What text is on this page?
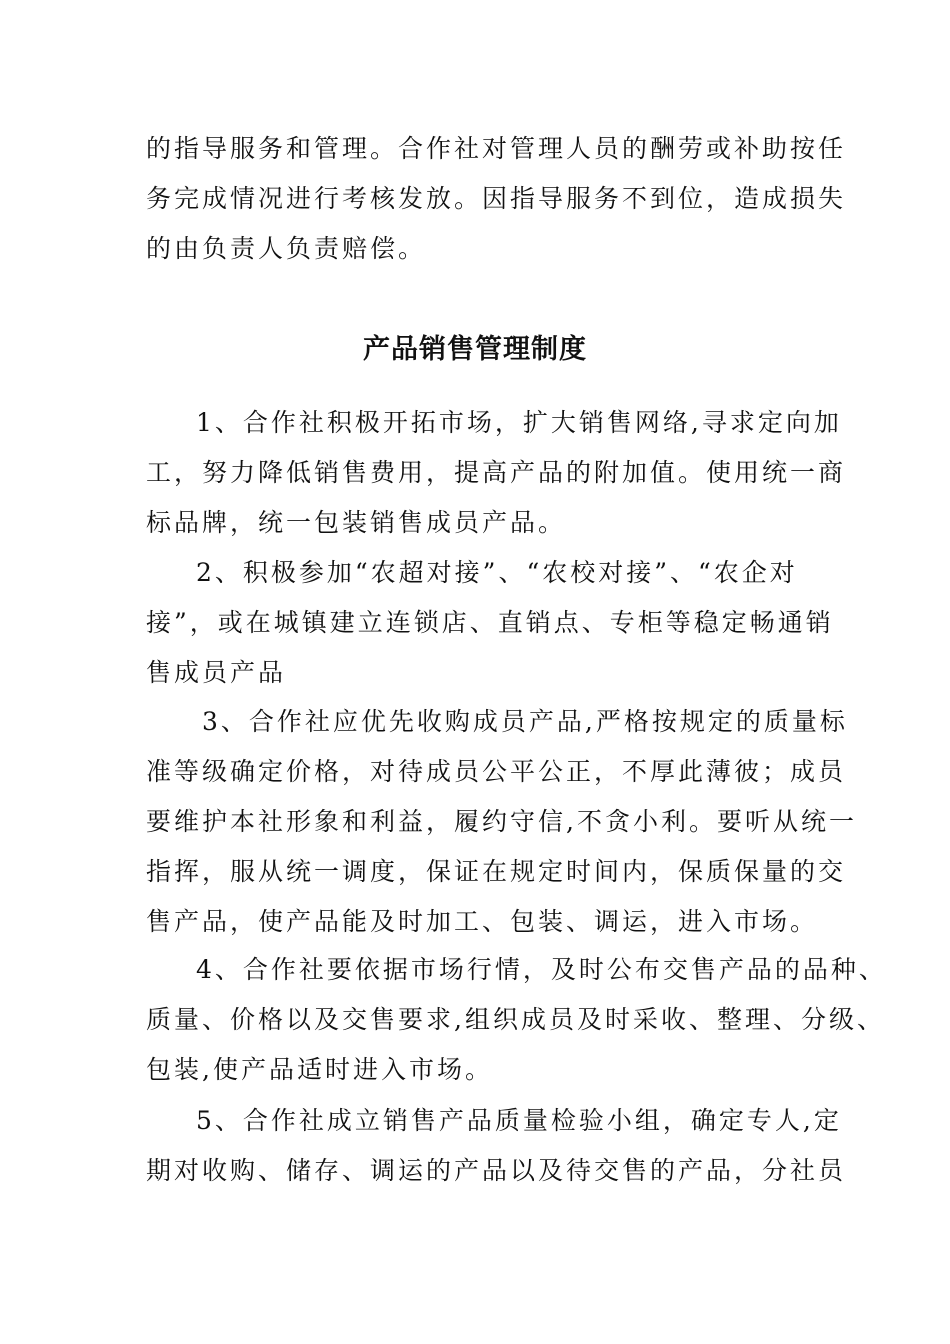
的指导服务和管理。合作社对管理人员的酬劳或补助按任
务完成情况进行考核发放。因指导服务不到位，造成损失
的由负责人负责赔偿。
产品销售管理制度
1、合作社积极开拓市场，扩大销售网络,寻求定向加
工，努力降低销售费用，提高产品的附加值。使用统一商
标品牌，统一包装销售成员产品。
2、积极参加“农超对接”、“农校对接”、“农企对
接”，或在城镇建立连锁店、直销点、专柜等稳定畅通销
售成员产品
3、合作社应优先收购成员产品,严格按规定的质量标
准等级确定价格，对待成员公平公正，不厚此薄彼；成员
要维护本社形象和利益，履约守信,不贪小利。要听从统一
指挥，服从统一调度，保证在规定时间内，保质保量的交
售产品，使产品能及时加工、包装、调运，进入市场。
4、合作社要依据市场行情，及时公布交售产品的品种、
质量、价格以及交售要求,组织成员及时采收、整理、分级、
包装,使产品适时进入市场。
5、合作社成立销售产品质量检验小组，确定专人,定
期对收购、储存、调运的产品以及待交售的产品，分社员
